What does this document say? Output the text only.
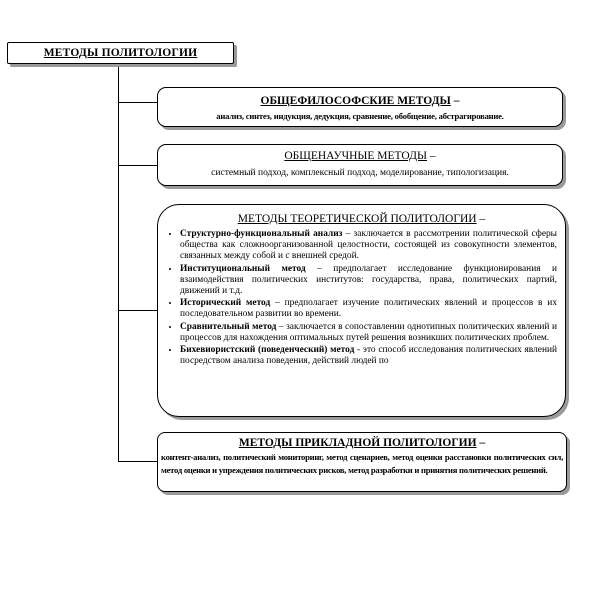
МЕТОДЫ ПОЛИТОЛОГИИ
ОБЩЕФИЛОСОФСКИЕ МЕТОДЫ –
анализ, синтез, индукция, дедукция, сравнение, обобщение, абстрагирование.
ОБЩЕНАУЧНЫЕ МЕТОДЫ –
системный подход, комплексный подход, моделирование, типологизация.
МЕТОДЫ ТЕОРЕТИЧЕСКОЙ ПОЛИТОЛОГИИ –
• Структурно-функциональный анализ – заключается в рассмотрении политической сферы общества как сложноорганизованной целостности, состоящей из совокупности элементов, связанных между собой и с внешней средой.
• Институциональный метод – предполагает исследование функционирования и взаимодействия политических институтов: государства, права, политических партий, движений и т.д.
• Исторический метод – предполагает изучение политических явлений и процессов в их последовательном развитии во времени.
• Сравнительный метод – заключается в сопоставлении однотипных политических явлений и процессов для нахождения оптимальных путей решения возникших политических проблем.
• Бихевиористский (поведенческий) метод - это способ исследования политических явлений посредством анализа поведения, действий людей по
МЕТОДЫ ПРИКЛАДНОЙ ПОЛИТОЛОГИИ –
контент-анализ, политический мониторинг, метод сценариев, метод оценки расстановки политических сил, метод оценки и упреждения политических рисков, метод разработки и принятия политических решений.
